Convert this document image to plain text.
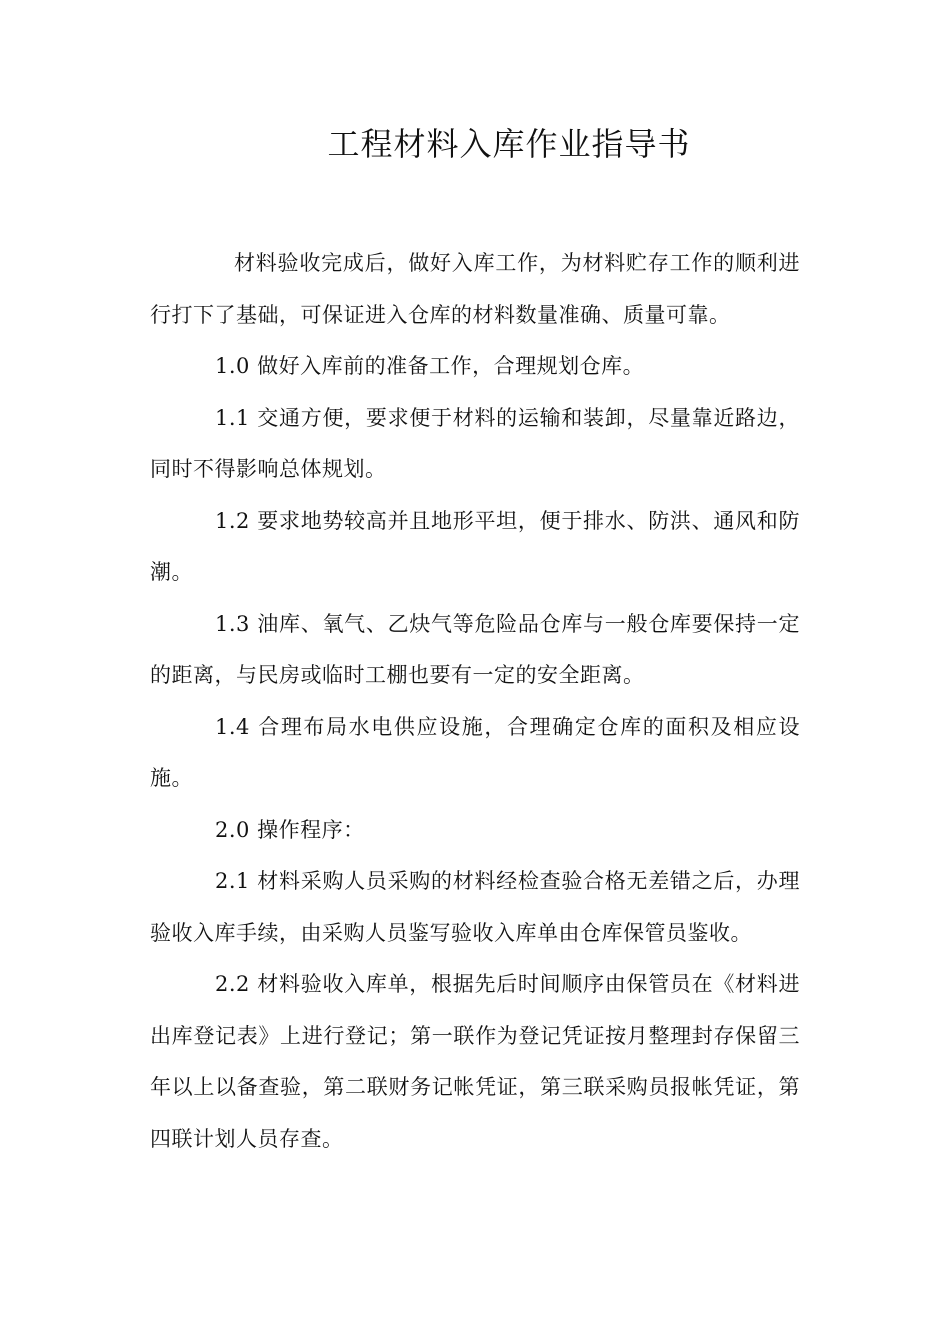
工程材料入库作业指导书

材料验收完成后，做好入库工作，为材料贮存工作的顺利进行打下了基础，可保证进入仓库的材料数量准确、质量可靠。

1.0 做好入库前的准备工作，合理规划仓库。

1.1 交通方便，要求便于材料的运输和装卸，尽量靠近路边，同时不得影响总体规划。

1.2 要求地势较高并且地形平坦，便于排水、防洪、通风和防潮。

1.3 油库、氧气、乙炔气等危险品仓库与一般仓库要保持一定的距离，与民房或临时工棚也要有一定的安全距离。

1.4 合理布局水电供应设施，合理确定仓库的面积及相应设施。

2.0 操作程序：

2.1 材料采购人员采购的材料经检查验合格无差错之后，办理验收入库手续，由采购人员鉴写验收入库单由仓库保管员鉴收。

2.2 材料验收入库单，根据先后时间顺序由保管员在《材料进出库登记表》上进行登记；第一联作为登记凭证按月整理封存保留三年以上以备查验，第二联财务记帐凭证，第三联采购员报帐凭证，第四联计划人员存查。
